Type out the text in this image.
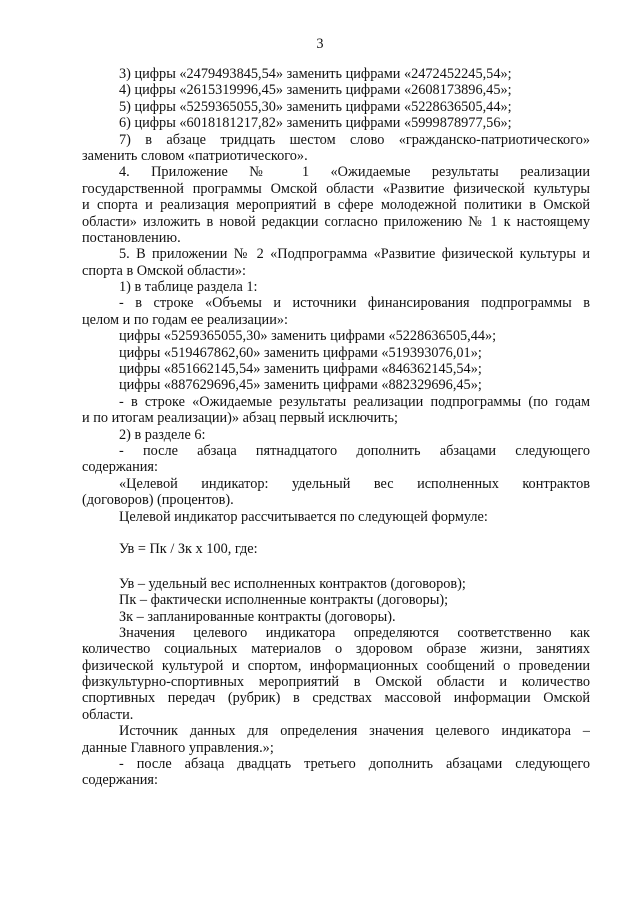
3
3) цифры «2479493845,54» заменить цифрами «2472452245,54»;
4) цифры «2615319996,45» заменить цифрами «2608173896,45»;
5) цифры «5259365055,30» заменить цифрами «5228636505,44»;
6) цифры «6018181217,82» заменить цифрами «5999878977,56»;
7) в абзаце тридцать шестом слово «гражданско-патриотического»
заменить словом «патриотического».
4. Приложение № 1 «Ожидаемые результаты реализации
государственной программы Омской области «Развитие физической культуры
и спорта и реализация мероприятий в сфере молодежной политики в Омской
области» изложить в новой редакции согласно приложению № 1 к настоящему
постановлению.
5. В приложении № 2 «Подпрограмма «Развитие физической культуры и
спорта в Омской области»:
1) в таблице раздела 1:
- в строке «Объемы и источники финансирования подпрограммы в
целом и по годам ее реализации»:
цифры «5259365055,30» заменить цифрами «5228636505,44»;
цифры «519467862,60» заменить цифрами «519393076,01»;
цифры «851662145,54» заменить цифрами «846362145,54»;
цифры «887629696,45» заменить цифрами «882329696,45»;
- в строке «Ожидаемые результаты реализации подпрограммы (по годам
и по итогам реализации)» абзац первый исключить;
2) в разделе 6:
- после абзаца пятнадцатого дополнить абзацами следующего
содержания:
«Целевой индикатор: удельный вес исполненных контрактов
(договоров) (процентов).
Целевой индикатор рассчитывается по следующей формуле:
Ув = Пк / Зк x 100, где:
Ув – удельный вес исполненных контрактов (договоров);
Пк – фактически исполненные контракты (договоры);
Зк – запланированные контракты (договоры).
Значения целевого индикатора определяются соответственно как
количество социальных материалов о здоровом образе жизни, занятиях
физической культурой и спортом, информационных сообщений о проведении
физкультурно-спортивных мероприятий в Омской области и количество
спортивных передач (рубрик) в средствах массовой информации Омской
области.
Источник данных для определения значения целевого индикатора –
данные Главного управления.»;
- после абзаца двадцать третьего дополнить абзацами следующего
содержания:
